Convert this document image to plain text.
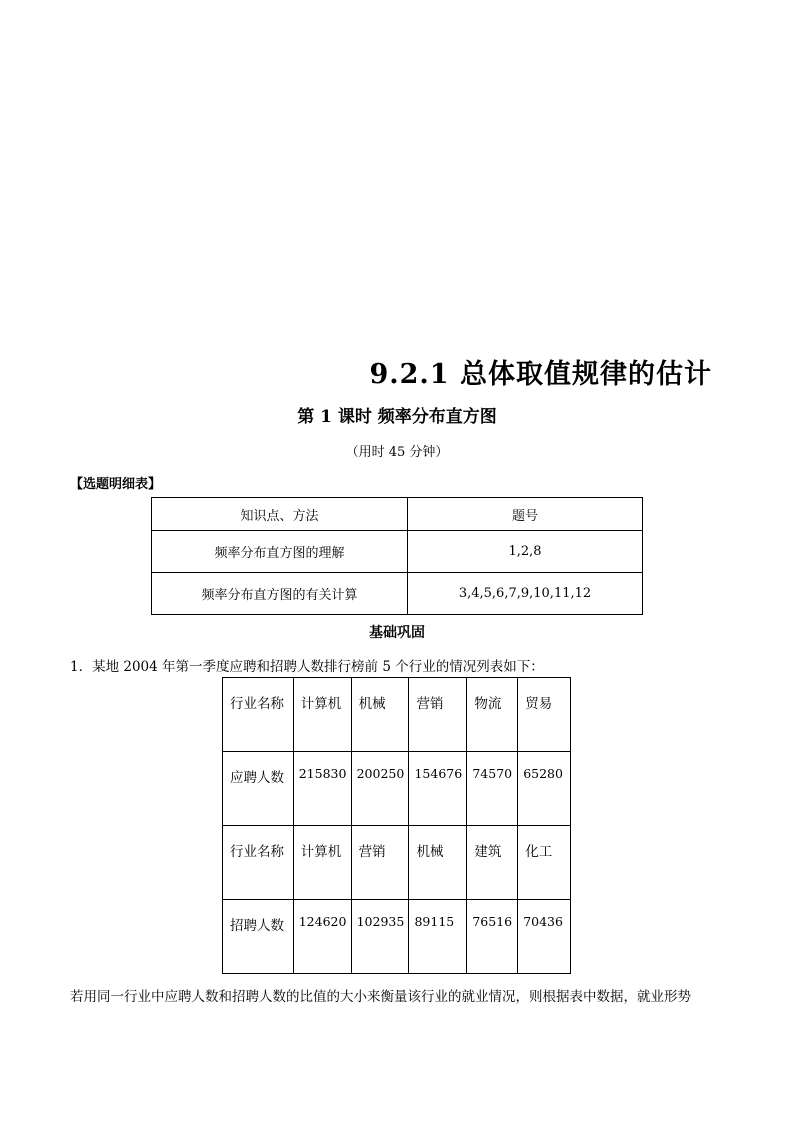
9.2.1 总体取值规律的估计
第 1 课时 频率分布直方图
（用时 45 分钟）
【选题明细表】
知识点、方法	题号
频率分布直方图的理解	1,2,8
频率分布直方图的有关计算	3,4,5,6,7,9,10,11,12
基础巩固
1．某地 2004 年第一季度应聘和招聘人数排行榜前 5 个行业的情况列表如下：
行业名称	计算机	机械	营销	物流	贸易
应聘人数	215830	200250	154676	74570	65280
行业名称	计算机	营销	机械	建筑	化工
招聘人数	124620	102935	89115	76516	70436
若用同一行业中应聘人数和招聘人数的比值的大小来衡量该行业的就业情况，则根据表中数据，就业形势
